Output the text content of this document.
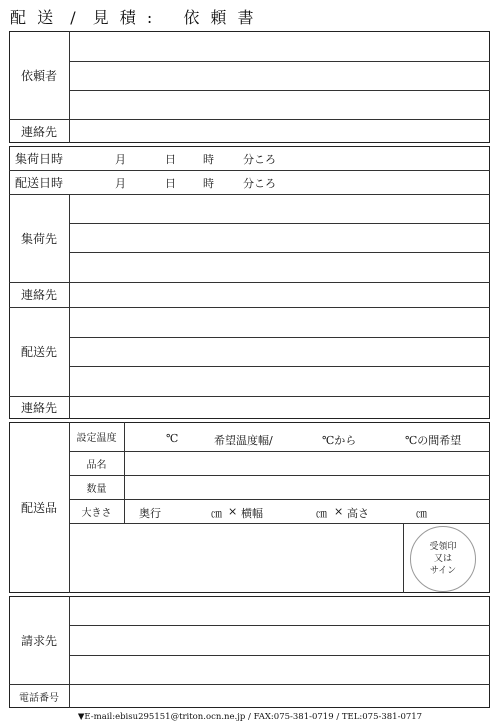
配 送 / 見 積 : 依 頼 書
依頼者
連絡先
集荷日時	月	日 時	分ころ
配送日時	月	日 時	分ころ
集荷先
連絡先
配送先
連絡先
配送品
設定温度	℃	希望温度幅/	℃から	℃の間希望
品名
数量
大きさ	奥行	㎝ × 横幅	㎝ × 高さ	㎝
受領印
又は
サイン
請求先
電話番号
▼E-mail:ebisu295151@triton.ocn.ne.jp / FAX:075-381-0719 / TEL:075-381-0717
